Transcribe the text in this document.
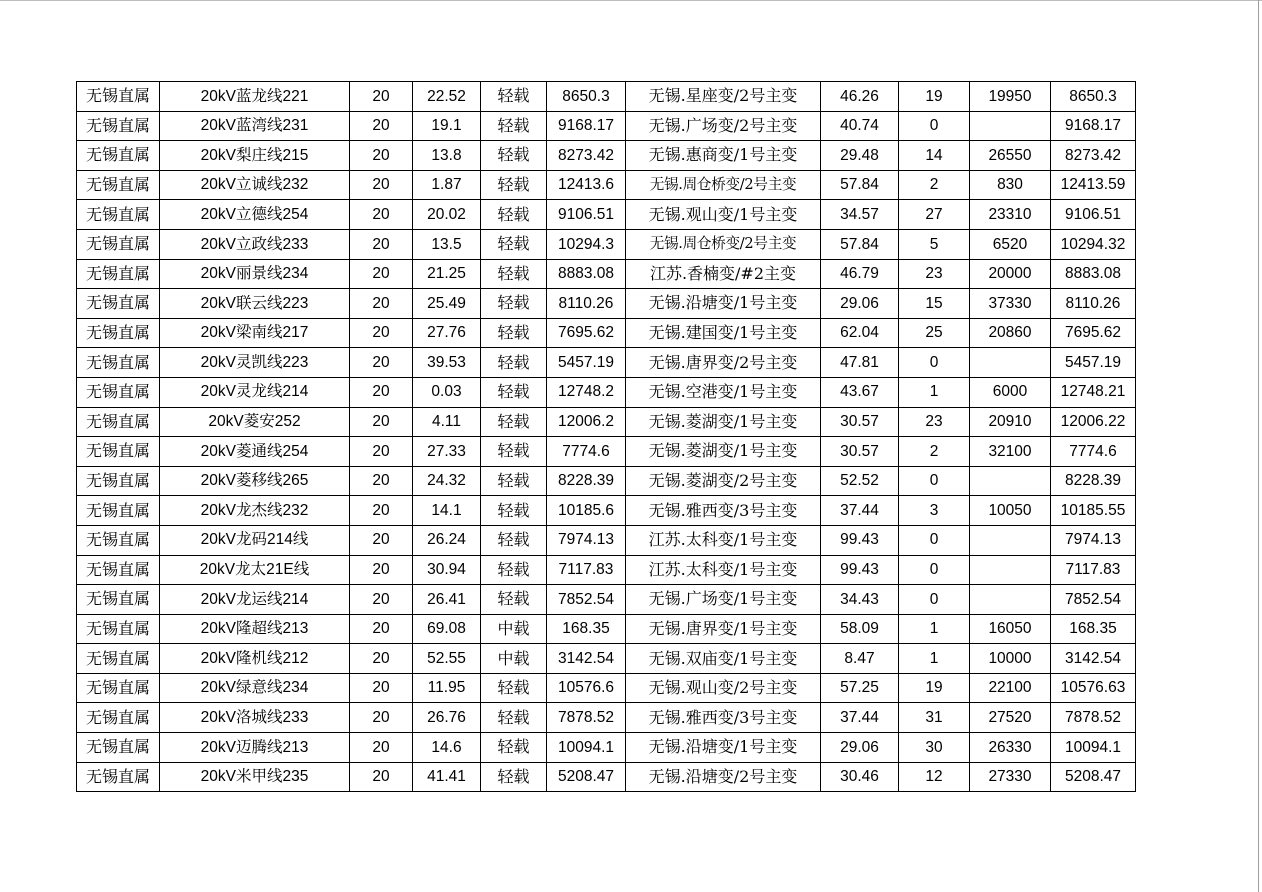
无锡直属	20kV蓝龙线221	20	22.52	轻载	8650.3	无锡.星座变/2号主变	46.26	19	19950	8650.3
无锡直属	20kV蓝湾线231	20	19.1	轻载	9168.17	无锡.广场变/2号主变	40.74	0		9168.17
无锡直属	20kV梨庄线215	20	13.8	轻载	8273.42	无锡.惠商变/1号主变	29.48	14	26550	8273.42
无锡直属	20kV立诚线232	20	1.87	轻载	12413.6	无锡.周仓桥变/2号主变	57.84	2	830	12413.59
无锡直属	20kV立德线254	20	20.02	轻载	9106.51	无锡.观山变/1号主变	34.57	27	23310	9106.51
无锡直属	20kV立政线233	20	13.5	轻载	10294.3	无锡.周仓桥变/2号主变	57.84	5	6520	10294.32
无锡直属	20kV丽景线234	20	21.25	轻载	8883.08	江苏.香楠变/#2主变	46.79	23	20000	8883.08
无锡直属	20kV联云线223	20	25.49	轻载	8110.26	无锡.沿塘变/1号主变	29.06	15	37330	8110.26
无锡直属	20kV梁南线217	20	27.76	轻载	7695.62	无锡.建国变/1号主变	62.04	25	20860	7695.62
无锡直属	20kV灵凯线223	20	39.53	轻载	5457.19	无锡.唐界变/2号主变	47.81	0		5457.19
无锡直属	20kV灵龙线214	20	0.03	轻载	12748.2	无锡.空港变/1号主变	43.67	1	6000	12748.21
无锡直属	20kV菱安252	20	4.11	轻载	12006.2	无锡.菱湖变/1号主变	30.57	23	20910	12006.22
无锡直属	20kV菱通线254	20	27.33	轻载	7774.6	无锡.菱湖变/1号主变	30.57	2	32100	7774.6
无锡直属	20kV菱移线265	20	24.32	轻载	8228.39	无锡.菱湖变/2号主变	52.52	0		8228.39
无锡直属	20kV龙杰线232	20	14.1	轻载	10185.6	无锡.雅西变/3号主变	37.44	3	10050	10185.55
无锡直属	20kV龙码214线	20	26.24	轻载	7974.13	江苏.太科变/1号主变	99.43	0		7974.13
无锡直属	20kV龙太21E线	20	30.94	轻载	7117.83	江苏.太科变/1号主变	99.43	0		7117.83
无锡直属	20kV龙运线214	20	26.41	轻载	7852.54	无锡.广场变/1号主变	34.43	0		7852.54
无锡直属	20kV隆超线213	20	69.08	中载	168.35	无锡.唐界变/1号主变	58.09	1	16050	168.35
无锡直属	20kV隆机线212	20	52.55	中载	3142.54	无锡.双庙变/1号主变	8.47	1	10000	3142.54
无锡直属	20kV绿意线234	20	11.95	轻载	10576.6	无锡.观山变/2号主变	57.25	19	22100	10576.63
无锡直属	20kV洛城线233	20	26.76	轻载	7878.52	无锡.雅西变/3号主变	37.44	31	27520	7878.52
无锡直属	20kV迈腾线213	20	14.6	轻载	10094.1	无锡.沿塘变/1号主变	29.06	30	26330	10094.1
无锡直属	20kV米甲线235	20	41.41	轻载	5208.47	无锡.沿塘变/2号主变	30.46	12	27330	5208.47
